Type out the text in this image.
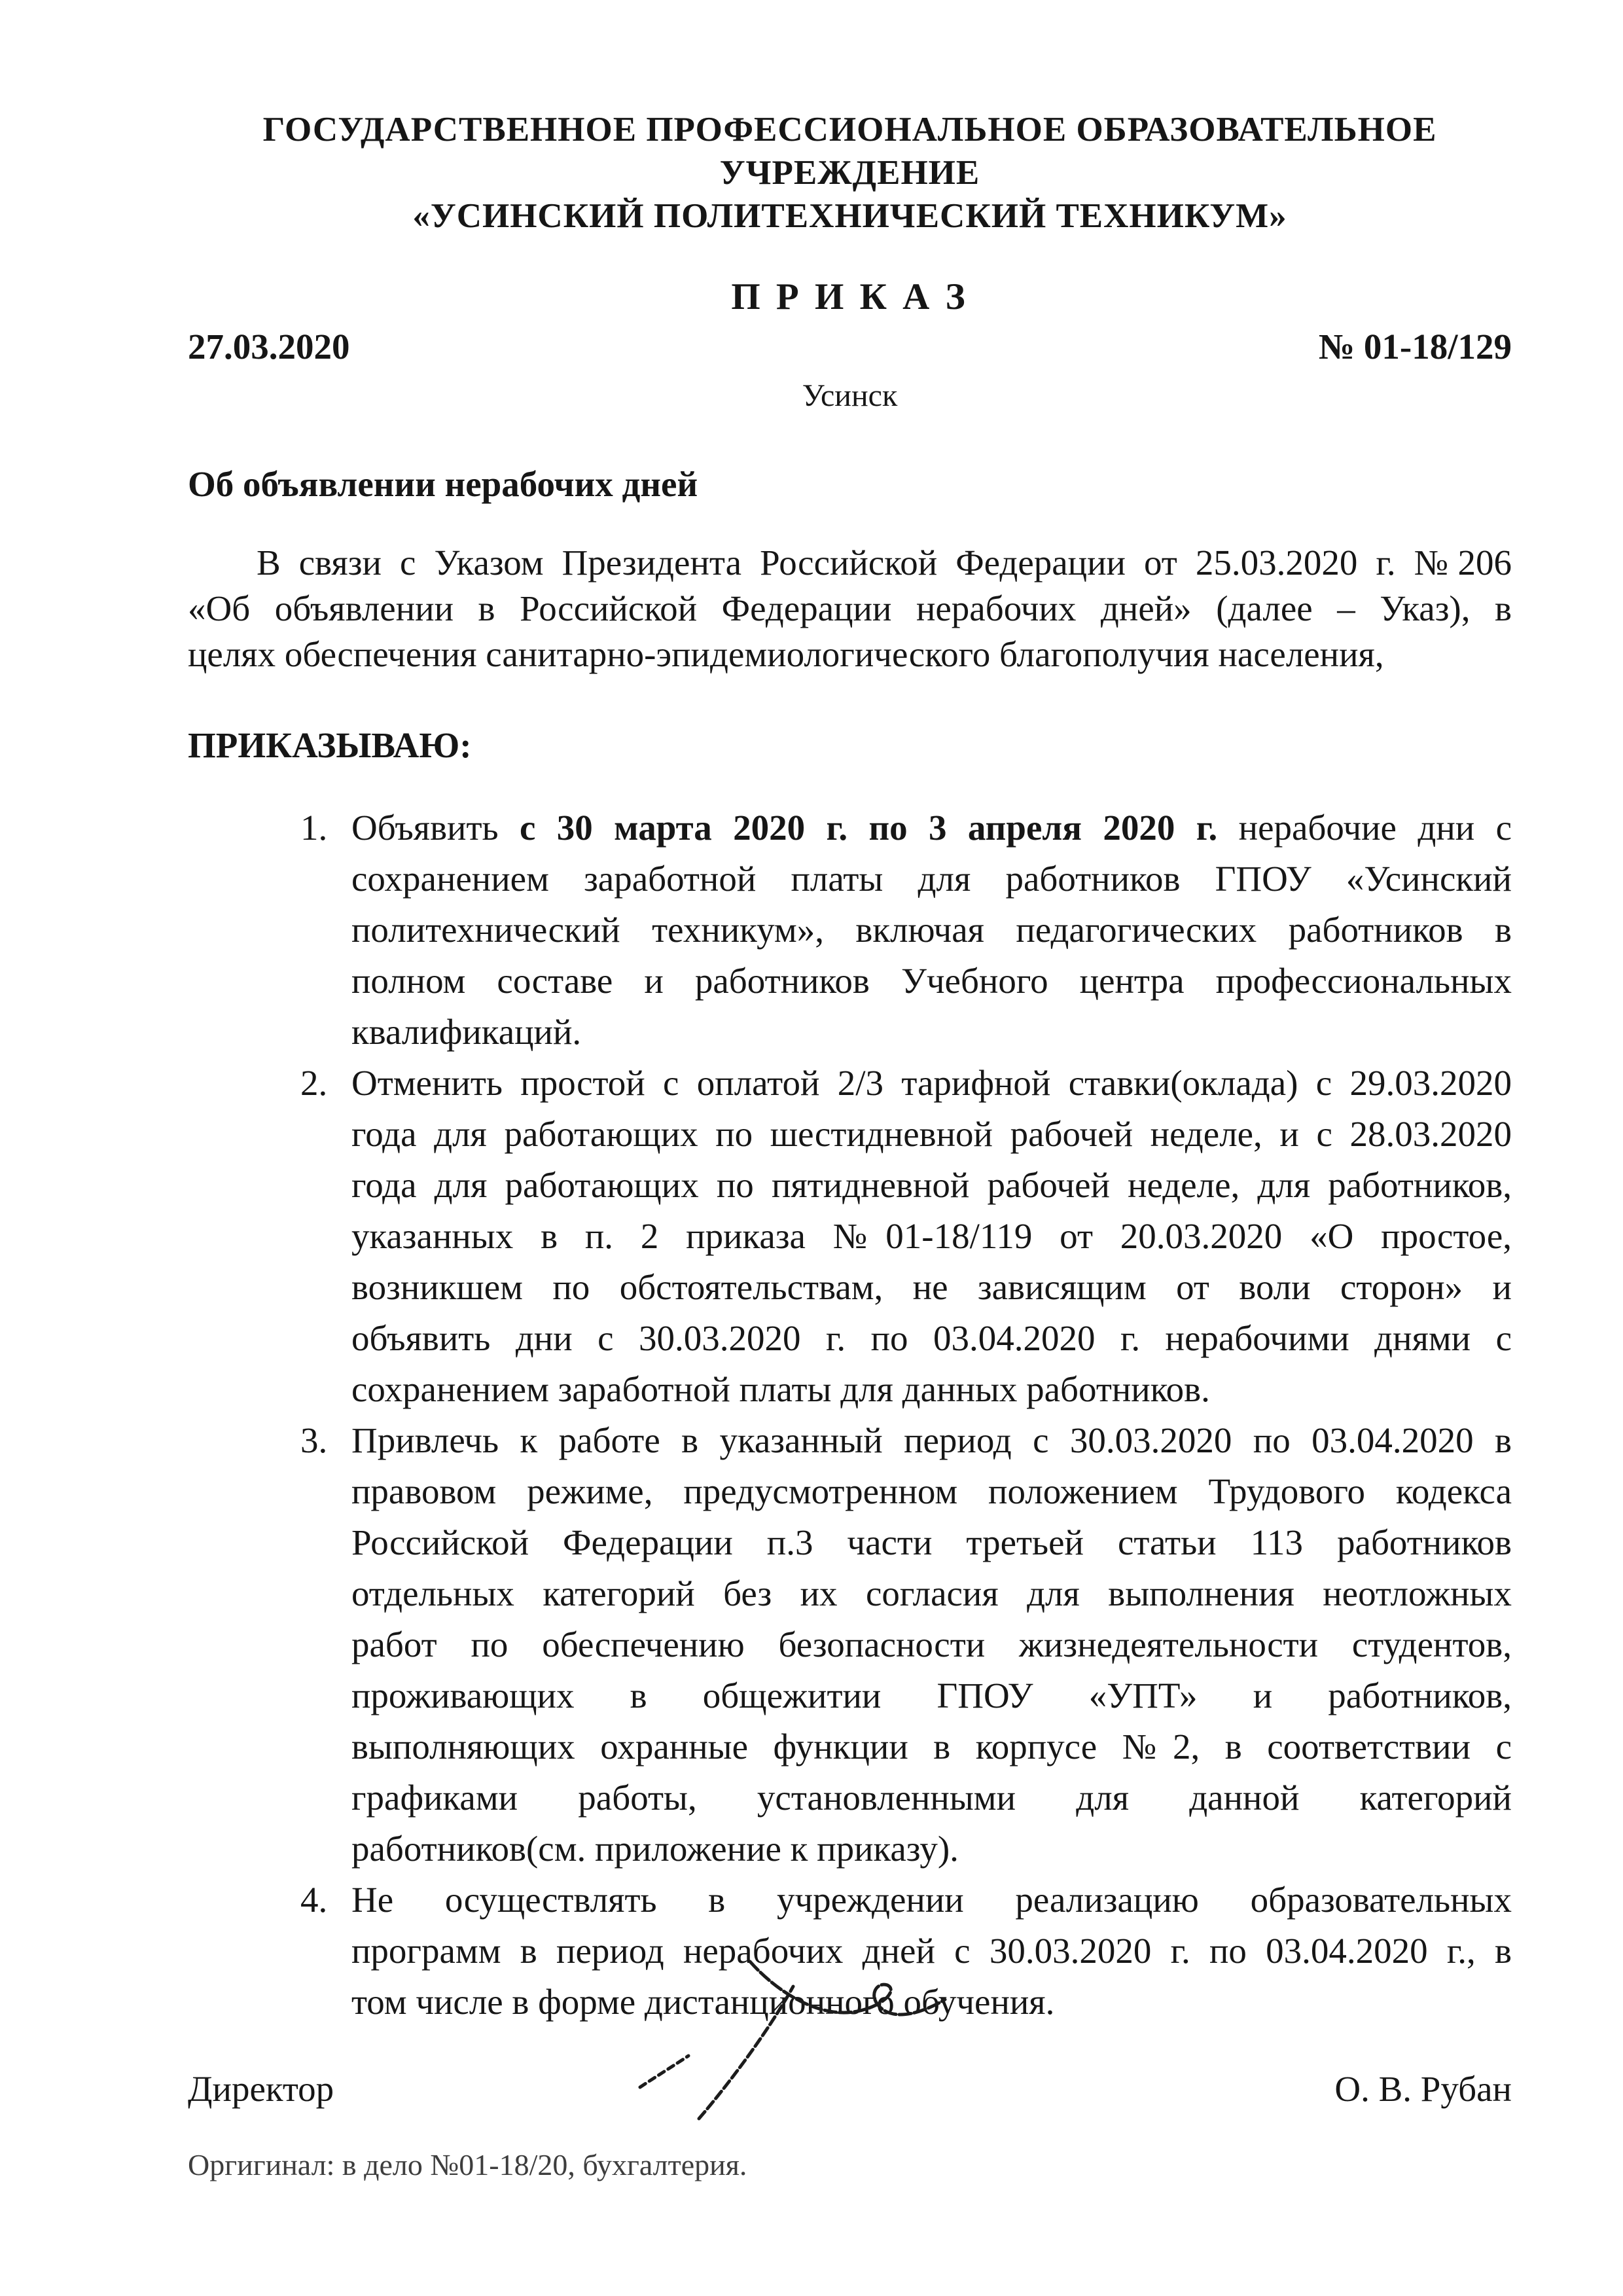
ГОСУДАРСТВЕННОЕ ПРОФЕССИОНАЛЬНОЕ ОБРАЗОВАТЕЛЬНОЕ
УЧРЕЖДЕНИЕ
«УСИНСКИЙ ПОЛИТЕХНИЧЕСКИЙ ТЕХНИКУМ»
П Р И К А З
27.03.2020	№ 01-18/129
Усинск
Об объявлении нерабочих дней
В связи с Указом Президента Российской Федерации от 25.03.2020 г. №206
«Об объявлении в Российской Федерации нерабочих дней» (далее – Указ), в
целях обеспечения санитарно-эпидемиологического благополучия населения,
ПРИКАЗЫВАЮ:
1. Объявить с 30 марта 2020 г. по 3 апреля 2020 г. нерабочие дни с
сохранением заработной платы для работников ГПОУ «Усинский
политехнический техникум», включая педагогических работников в
полном составе и работников Учебного центра профессиональных
квалификаций.
2. Отменить простой с оплатой 2/3 тарифной ставки(оклада) с 29.03.2020
года для работающих по шестидневной рабочей неделе, и с 28.03.2020
года для работающих по пятидневной рабочей неделе, для работников,
указанных в п. 2 приказа №01-18/119 от 20.03.2020 «О простое,
возникшем по обстоятельствам, не зависящим от воли сторон» и
объявить дни с 30.03.2020 г. по 03.04.2020 г. нерабочими днями с
сохранением заработной платы для данных работников.
3. Привлечь к работе в указанный период с 30.03.2020 по 03.04.2020 в
правовом режиме, предусмотренном положением Трудового кодекса
Российской Федерации п.3 части третьей статьи 113 работников
отдельных категорий без их согласия для выполнения неотложных
работ по обеспечению безопасности жизнедеятельности студентов,
проживающих в общежитии ГПОУ «УПТ» и работников,
выполняющих охранные функции в корпусе №2, в соответствии с
графиками работы, установленными для данной категорий
работников(см. приложение к приказу).
4. Не осуществлять в учреждении реализацию образовательных
программ в период нерабочих дней с 30.03.2020 г. по 03.04.2020 г., в
том числе в форме дистанционного обучения.
Директор	О. В. Рубан
Оргигинал: в дело №01-18/20, бухгалтерия.
